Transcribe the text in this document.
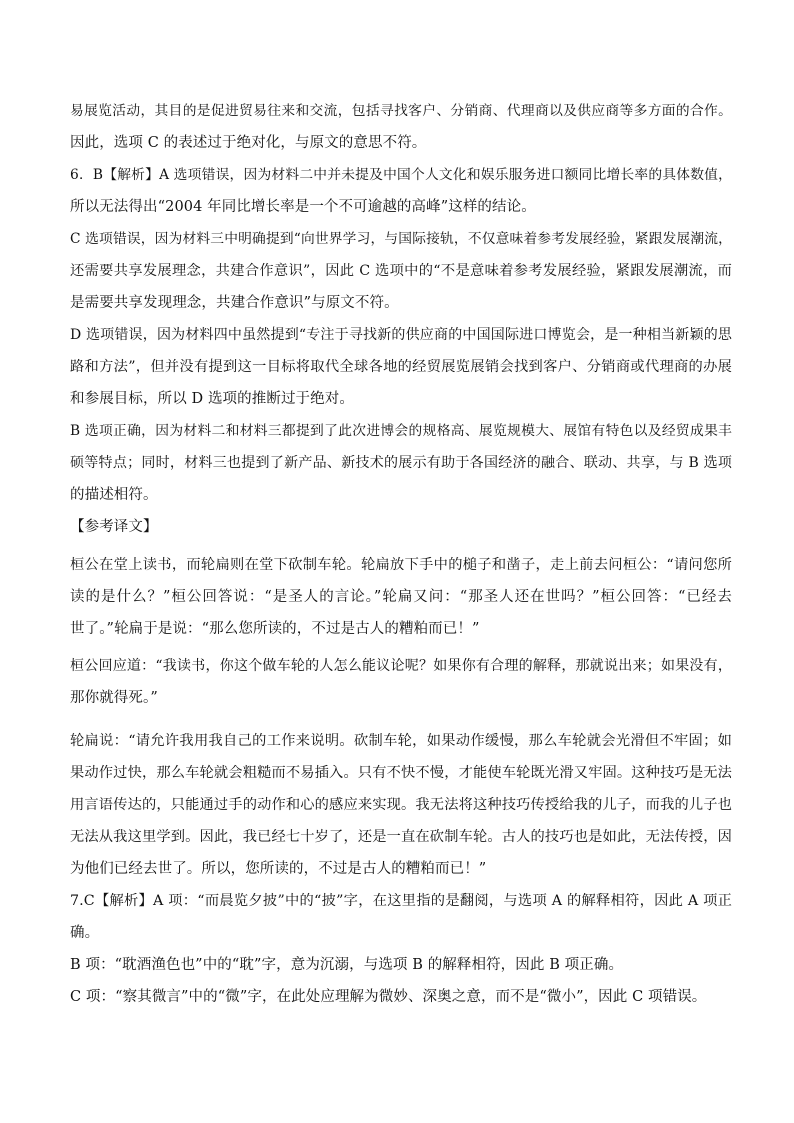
易展览活动，其目的是促进贸易往来和交流，包括寻找客户、分销商、代理商以及供应商等多方面的合作。
因此，选项 C 的表述过于绝对化，与原文的意思不符。
6．B【解析】A 选项错误，因为材料二中并未提及中国个人文化和娱乐服务进口额同比增长率的具体数值，
所以无法得出“2004 年同比增长率是一个不可逾越的高峰”这样的结论。
C 选项错误，因为材料三中明确提到“向世界学习，与国际接轨，不仅意味着参考发展经验，紧跟发展潮流，
还需要共享发展理念，共建合作意识”，因此 C 选项中的“不是意味着参考发展经验，紧跟发展潮流，而
是需要共享发现理念，共建合作意识”与原文不符。
D 选项错误，因为材料四中虽然提到“专注于寻找新的供应商的中国国际进口博览会，是一种相当新颖的思
路和方法”，但并没有提到这一目标将取代全球各地的经贸展览展销会找到客户、分销商或代理商的办展
和参展目标，所以 D 选项的推断过于绝对。
B 选项正确，因为材料二和材料三都提到了此次进博会的规格高、展览规模大、展馆有特色以及经贸成果丰
硕等特点；同时，材料三也提到了新产品、新技术的展示有助于各国经济的融合、联动、共享，与 B 选项
的描述相符。
【参考译文】
桓公在堂上读书，而轮扁则在堂下砍制车轮。轮扁放下手中的槌子和凿子，走上前去问桓公：“请问您所
读的是什么？”桓公回答说：“是圣人的言论。”轮扁又问：“那圣人还在世吗？”桓公回答：“已经去
世了。”轮扁于是说：“那么您所读的，不过是古人的糟粕而已！”
桓公回应道：“我读书，你这个做车轮的人怎么能议论呢？如果你有合理的解释，那就说出来；如果没有，
那你就得死。”
轮扁说：“请允许我用我自己的工作来说明。砍制车轮，如果动作缓慢，那么车轮就会光滑但不牢固；如
果动作过快，那么车轮就会粗糙而不易插入。只有不快不慢，才能使车轮既光滑又牢固。这种技巧是无法
用言语传达的，只能通过手的动作和心的感应来实现。我无法将这种技巧传授给我的儿子，而我的儿子也
无法从我这里学到。因此，我已经七十岁了，还是一直在砍制车轮。古人的技巧也是如此，无法传授，因
为他们已经去世了。所以，您所读的，不过是古人的糟粕而已！”
7.C【解析】A 项：“而晨览夕披”中的“披”字，在这里指的是翻阅，与选项 A 的解释相符，因此 A 项正
确。
B 项：“耽酒渔色也”中的“耽”字，意为沉溺，与选项 B 的解释相符，因此 B 项正确。
C 项：“察其微言”中的“微”字，在此处应理解为微妙、深奥之意，而不是“微小”，因此 C 项错误。
